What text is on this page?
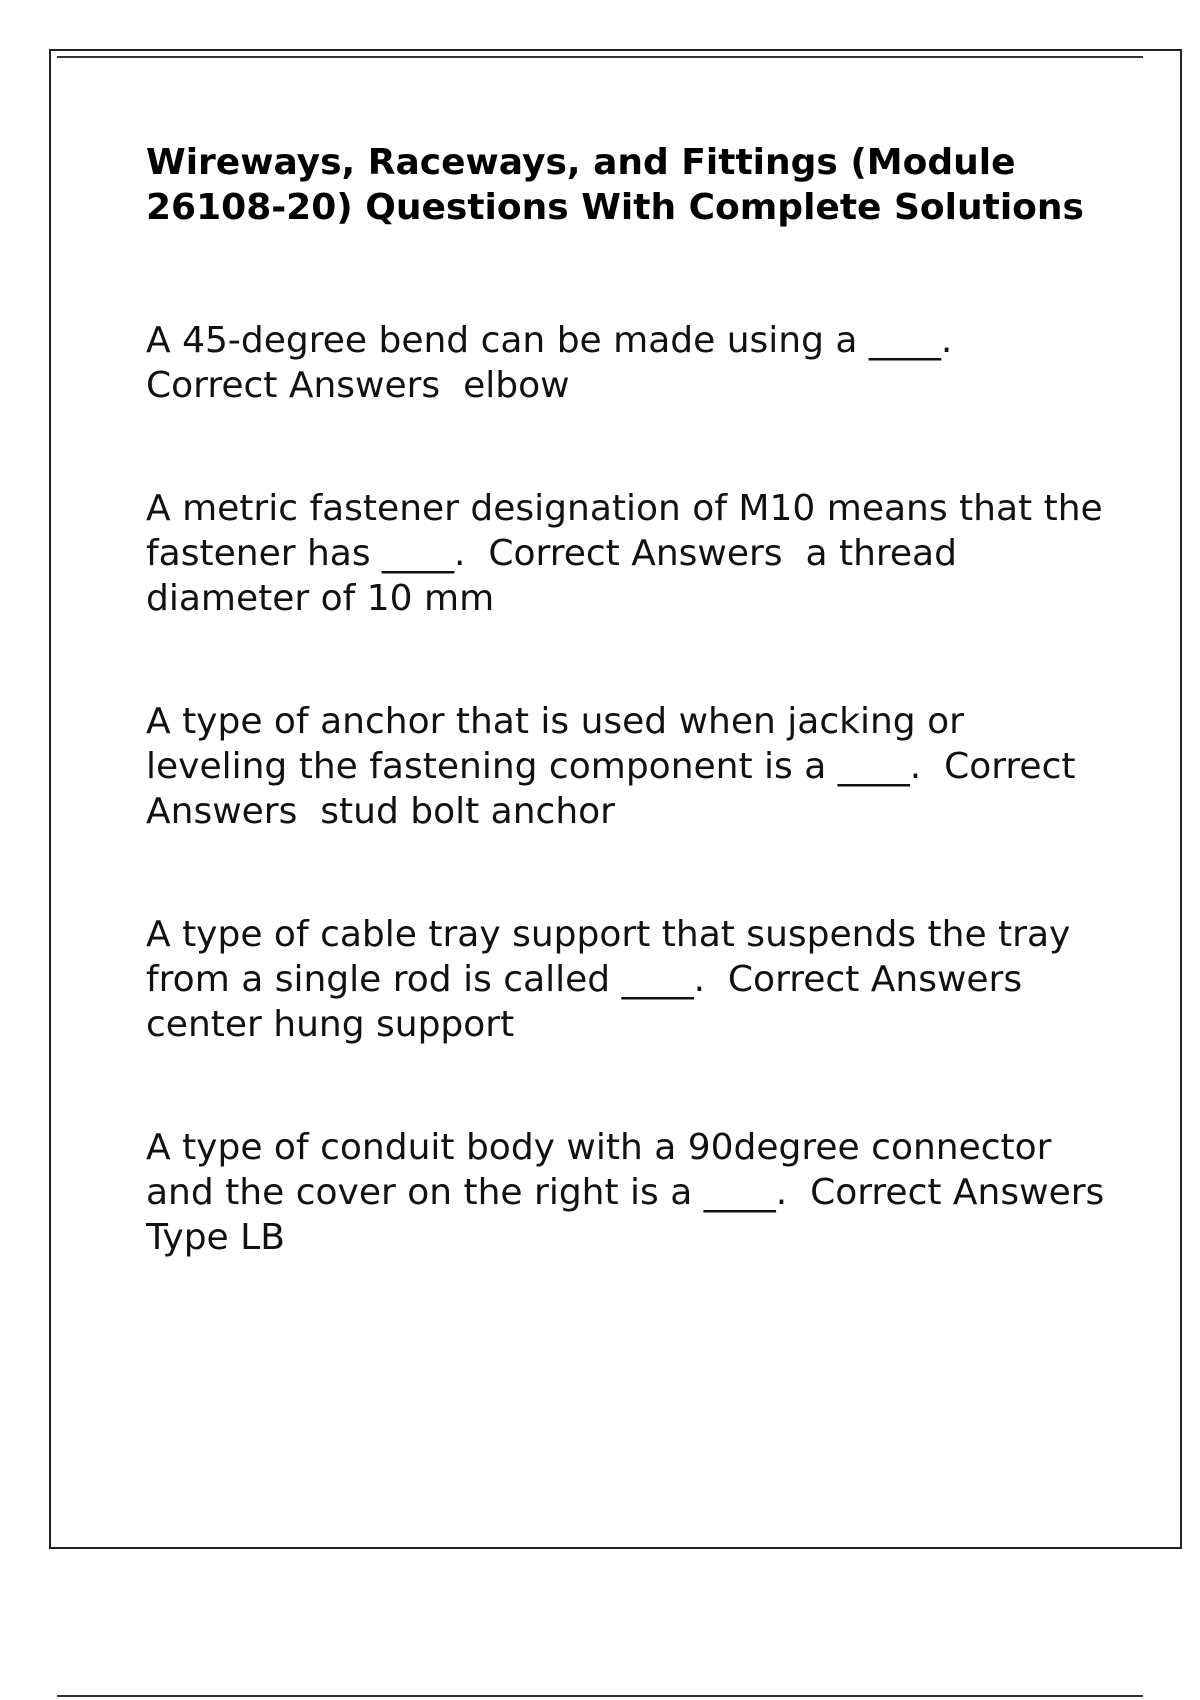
Wireways, Raceways, and Fittings (Module 26108-20) Questions With Complete Solutions
A 45-degree bend can be made using a ____.  Correct Answers elbow
A metric fastener designation of M10 means that the fastener has ____. Correct Answers a thread diameter of 10 mm
A type of anchor that is used when jacking or leveling the fastening component is a ____. Correct Answers stud bolt anchor
A type of cable tray support that suspends the tray from a single rod is called ____. Correct Answers  center hung support
A type of conduit body with a 90degree connector and the cover on the right is a ____. Correct Answers  Type LB
